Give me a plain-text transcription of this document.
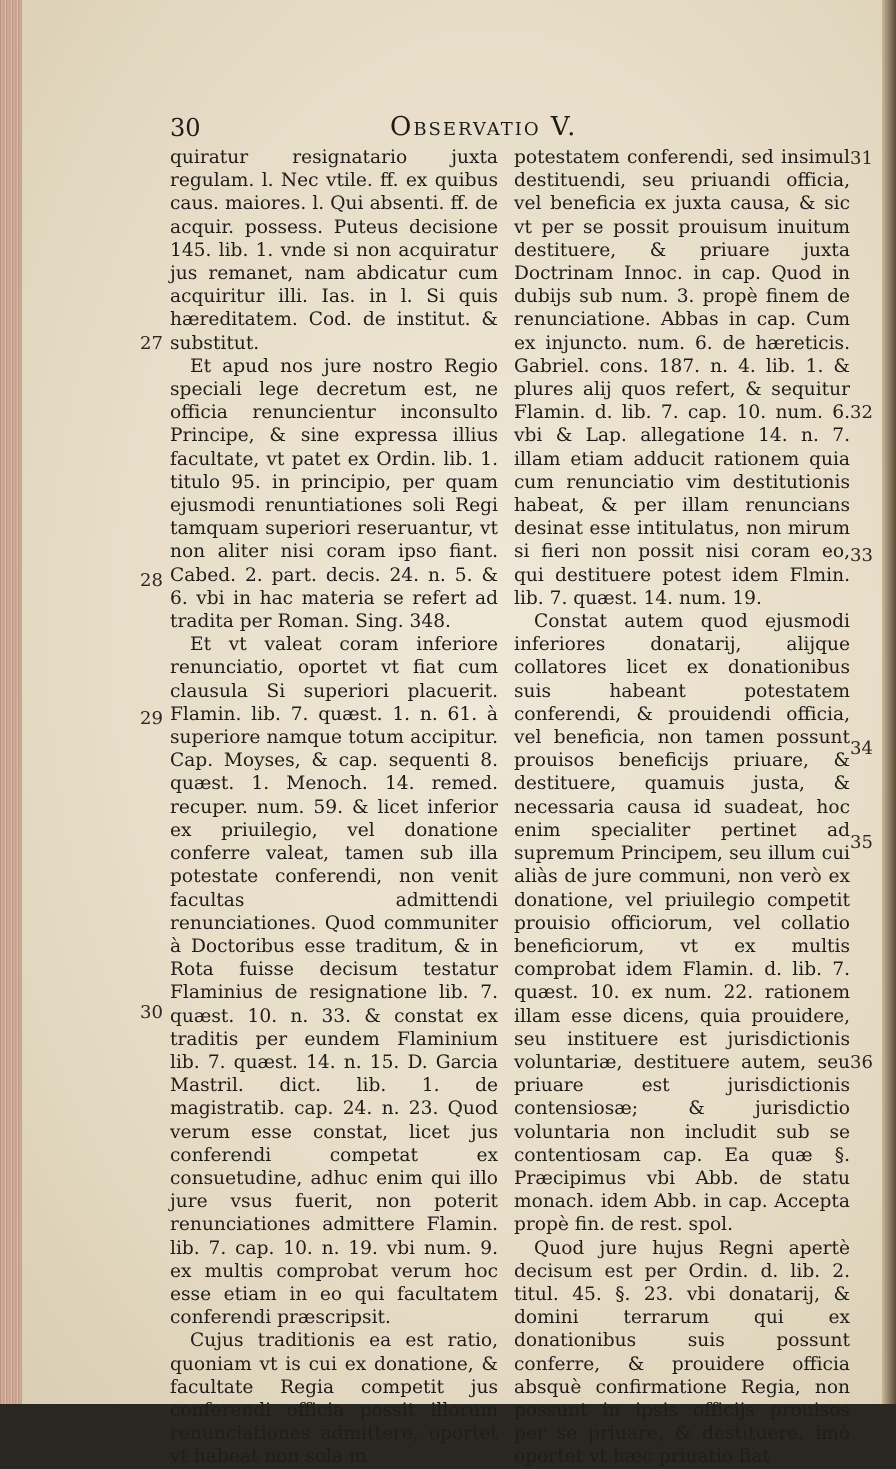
30	Observatio V.

quiratur resignatario juxta regulam. l. Nec vtile. ff. ex quibus caus. maiores. l. Qui absenti. ff. de acquir. possess. Puteus decisione 145. lib. 1. vnde si non acquiratur jus remanet, nam abdicatur cum acquiritur illi. Ias. in l. Si quis hæreditatem. Cod. de institut. & substitut.

Et apud nos jure nostro Regio speciali lege decretum est, ne officia renuncientur inconsulto Principe, & sine expressa illius facultate, vt patet ex Ordin. lib. 1. titulo 95. in principio, per quam ejusmodi renuntiationes soli Regi tamquam superiori reseruantur, vt non aliter nisi coram ipso fiant. Cabed. 2. part. decis. 24. n. 5. & 6. vbi in hac materia se refert ad tradita per Roman. Sing. 348.

Et vt valeat coram inferiore renunciatio, oportet vt fiat cum clausula Si superiori placuerit. Flamin. lib. 7. quæst. 1. n. 61. à superiore namque totum accipitur. Cap. Moyses, & cap. sequenti 8. quæst. 1. Menoch. 14. remed. recuper. num. 59. & licet inferior ex priuilegio, vel donatione conferre valeat, tamen sub illa potestate conferendi, non venit facultas admittendi renunciationes. Quod communiter à Doctoribus esse traditum, & in Rota fuisse decisum testatur Flaminius de resignatione lib. 7. quæst. 10. n. 33. & constat ex traditis per eundem Flaminium lib. 7. quæst. 14. n. 15. D. Garcia Mastril. dict. lib. 1. de magistratib. cap. 24. n. 23. Quod verum esse constat, licet jus conferendi competat ex consuetudine, adhuc enim qui illo jure vsus fuerit, non poterit renunciationes admittere Flamin. lib. 7. cap. 10. n. 19. vbi num. 9. ex multis comprobat verum hoc esse etiam in eo qui facultatem conferendi præscripsit.

Cujus traditionis ea est ratio, quoniam vt is cui ex donatione, & facultate Regia competit jus conferendi officia possit illorum renunciationes admittere, oportet vt habeat non sola m

potestatem conferendi, sed insimul destituendi, seu priuandi officia, vel beneficia ex juxta causa, & sic vt per se possit prouisum inuitum destituere, & priuare juxta Doctrinam Innoc. in cap. Quod in dubijs sub num. 3. propè finem de renunciatione. Abbas in cap. Cum ex injuncto. num. 6. de hæreticis. Gabriel. cons. 187. n. 4. lib. 1. & plures alij quos refert, & sequitur Flamin. d. lib. 7. cap. 10. num. 6. vbi & Lap. allegatione 14. n. 7. illam etiam adducit rationem quia cum renunciatio vim destitutionis habeat, & per illam renuncians desinat esse intitulatus, non mirum si fieri non possit nisi coram eo, qui destituere potest idem Flmin. lib. 7. quæst. 14. num. 19.

Constat autem quod ejusmodi inferiores donatarij, alijque collatores licet ex donationibus suis habeant potestatem conferendi, & prouidendi officia, vel beneficia, non tamen possunt prouisos beneficijs priuare, & destituere, quamuis justa, & necessaria causa id suadeat, hoc enim specialiter pertinet ad supremum Principem, seu illum cui aliàs de jure communi, non verò ex donatione, vel priuilegio competit prouisio officiorum, vel collatio beneficiorum, vt ex multis comprobat idem Flamin. d. lib. 7. quæst. 10. ex num. 22. rationem illam esse dicens, quia prouidere, seu instituere est jurisdictionis voluntariæ, destituere autem, seu priuare est jurisdictionis contensiosæ; & jurisdictio voluntaria non includit sub se contentiosam cap. Ea quæ §. Præcipimus vbi Abb. de statu monach. idem Abb. in cap. Accepta propè fin. de rest. spol.

Quod jure hujus Regni apertè decisum est per Ordin. d. lib. 2. titul. 45. §. 23. vbi donatarij, & domini terrarum qui ex donationibus suis possunt conferre, & prouidere officia absquè confirmatione Regia, non possunt in ipsis officijs prouisos per se priuare, & destituere, imò oportet vt hæc priuatio fiat

27
28
29
30
31
32
33
34
35
36
